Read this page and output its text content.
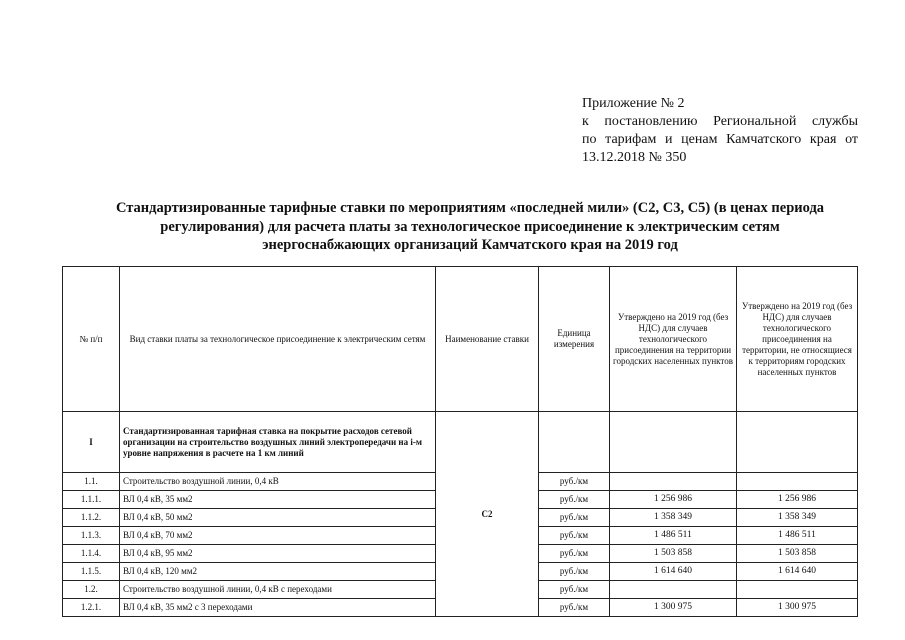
Приложение № 2
к постановлению Региональной службы
по тарифам и ценам Камчатского края от
13.12.2018 № 350
Стандартизированные тарифные ставки по мероприятиям «последней мили» (С2, С3, С5) (в ценах периода
регулирования) для расчета платы за технологическое присоединение к электрическим сетям
энергоснабжающих организаций Камчатского края на 2019 год
№ п/п	Вид ставки платы за технологическое присоединение к электрическим сетям	Наименование ставки	Единица измерения	Утверждено на 2019 год (без НДС) для случаев технологического присоединения на территории городских населенных пунктов	Утверждено на 2019 год (без НДС) для случаев технологического присоединения на территории, не относящиеся к территориям городских населенных пунктов
I	Стандартизированная тарифная ставка на покрытие расходов сетевой организации на строительство воздушных линий электропередачи на i-м уровне напряжения в расчете на 1 км линий	С2			
1.1.	Строительство воздушной линии, 0,4 кВ		руб./км		
1.1.1.	ВЛ 0,4 кВ, 35 мм2		руб./км	1 256 986	1 256 986
1.1.2.	ВЛ 0,4 кВ, 50 мм2		руб./км	1 358 349	1 358 349
1.1.3.	ВЛ 0,4 кВ, 70 мм2		руб./км	1 486 511	1 486 511
1.1.4.	ВЛ 0,4 кВ, 95 мм2		руб./км	1 503 858	1 503 858
1.1.5.	ВЛ 0,4 кВ, 120 мм2		руб./км	1 614 640	1 614 640
1.2.	Строительство воздушной линии, 0,4 кВ с переходами		руб./км		
1.2.1.	ВЛ 0,4 кВ, 35 мм2 с 3 переходами		руб./км	1 300 975	1 300 975
